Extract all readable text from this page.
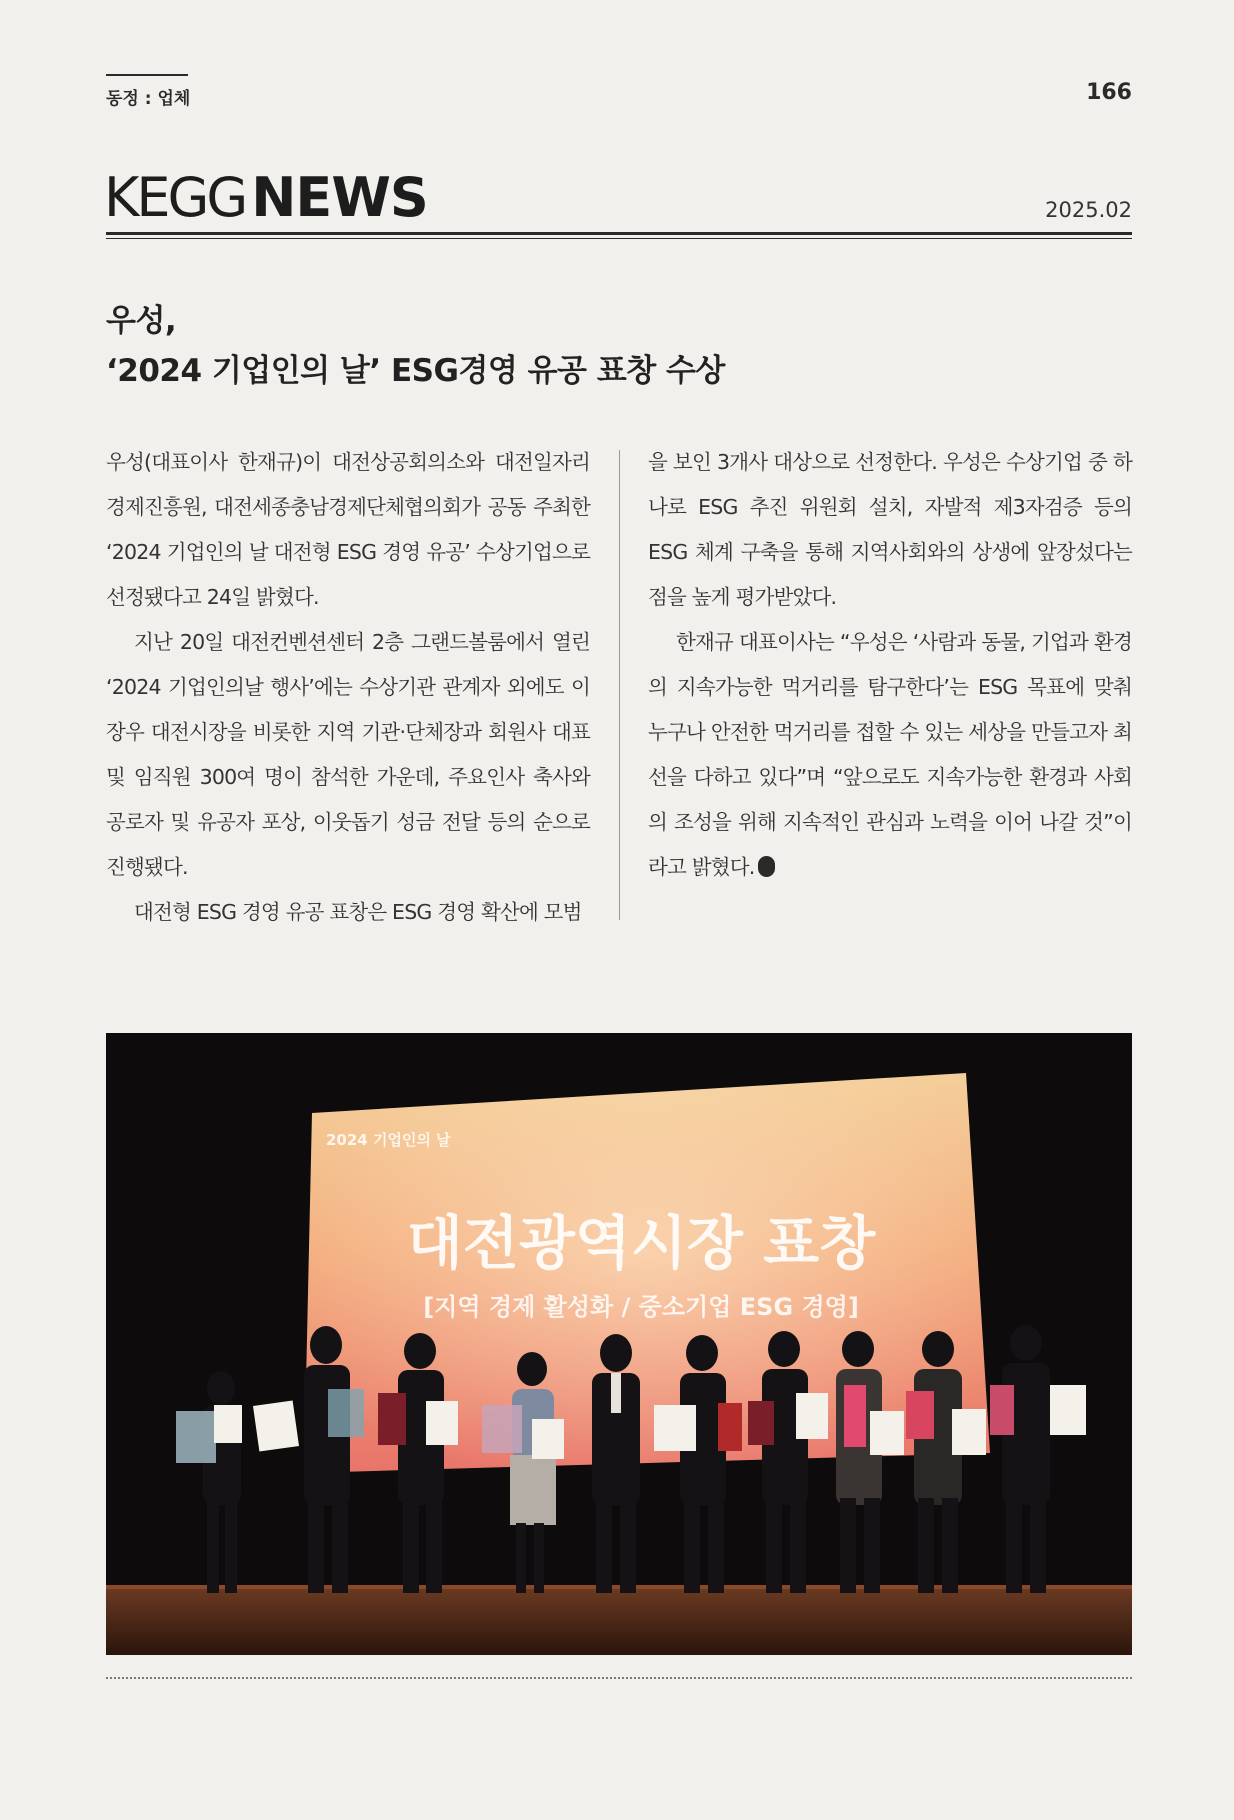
동정 : 업체	166
KEGG NEWS	2025.02
우성,
‘2024 기업인의 날’ ESG경영 유공 표창 수상

우성(대표이사 한재규)이 대전상공회의소와 대전일자리경제진흥원, 대전세종충남경제단체협의회가 공동 주최한 ‘2024 기업인의 날 대전형 ESG 경영 유공’ 수상기업으로 선정됐다고 24일 밝혔다.

지난 20일 대전컨벤션센터 2층 그랜드볼룸에서 열린 ‘2024 기업인의날 행사’에는 수상기관 관계자 외에도 이장우 대전시장을 비롯한 지역 기관·단체장과 회원사 대표 및 임직원 300여 명이 참석한 가운데, 주요인사 축사와 공로자 및 유공자 포상, 이웃돕기 성금 전달 등의 순으로 진행됐다.

대전형 ESG 경영 유공 표창은 ESG 경영 확산에 모범

을 보인 3개사 대상으로 선정한다. 우성은 수상기업 중 하나로 ESG 추진 위원회 설치, 자발적 제3자검증 등의 ESG 체계 구축을 통해 지역사회와의 상생에 앞장섰다는 점을 높게 평가받았다.

한재규 대표이사는 “우성은 ‘사람과 동물, 기업과 환경의 지속가능한 먹거리를 탐구한다’는 ESG 목표에 맞춰 누구나 안전한 먹거리를 접할 수 있는 세상을 만들고자 최선을 다하고 있다”며 “앞으로도 지속가능한 환경과 사회의 조성을 위해 지속적인 관심과 노력을 이어 나갈 것”이라고 밝혔다.

2024 기업인의 날
대전광역시장 표창
[지역 경제 활성화 / 중소기업 ESG 경영]
